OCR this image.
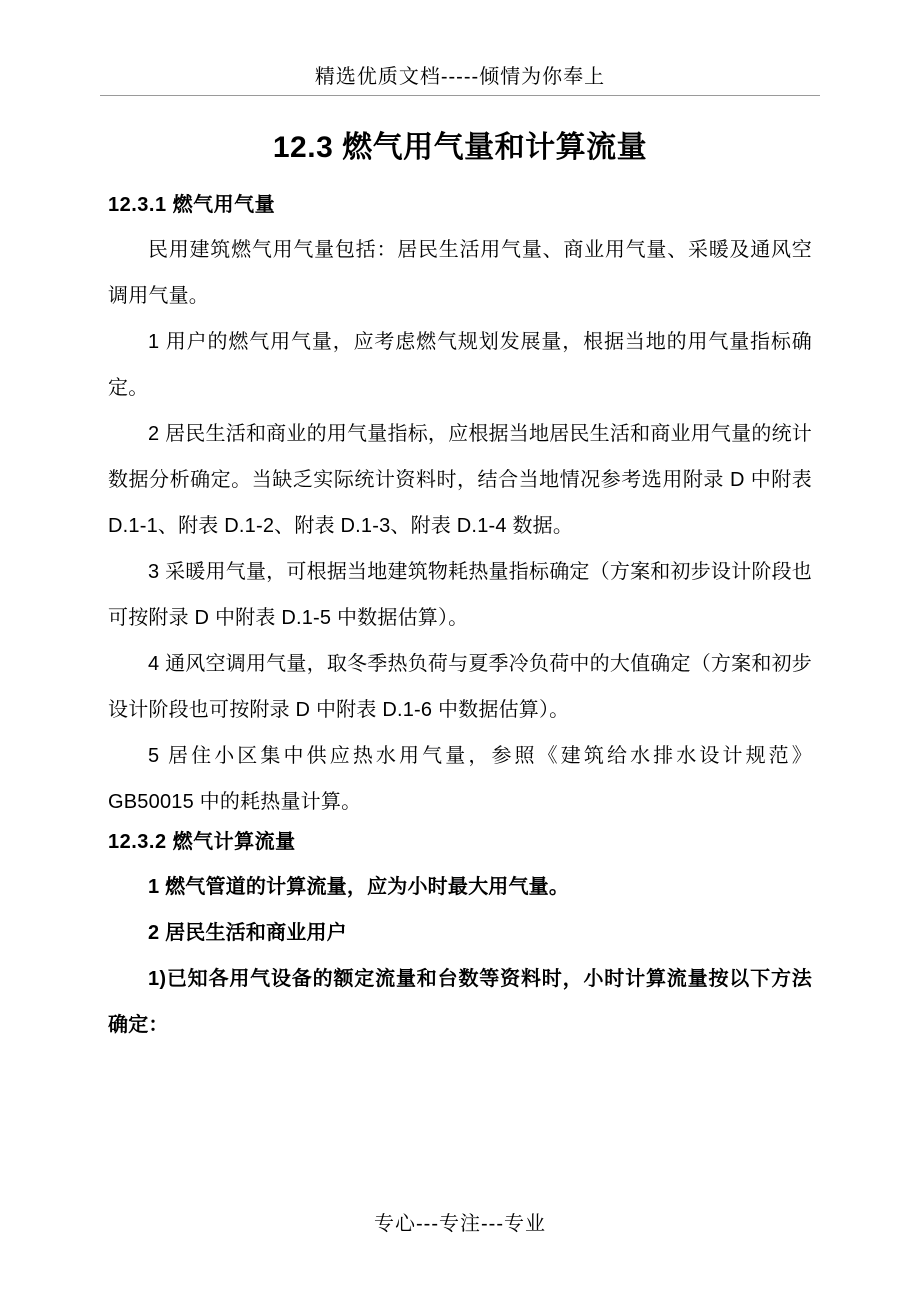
精选优质文档-----倾情为你奉上
12.3 燃气用气量和计算流量
12.3.1 燃气用气量

民用建筑燃气用气量包括：居民生活用气量、商业用气量、采暖及通风空调用气量。

1 用户的燃气用气量，应考虑燃气规划发展量，根据当地的用气量指标确定。

2 居民生活和商业的用气量指标，应根据当地居民生活和商业用气量的统计数据分析确定。当缺乏实际统计资料时，结合当地情况参考选用附录 D 中附表 D.1-1、附表 D.1-2、附表 D.1-3、附表 D.1-4 数据。

3 采暖用气量，可根据当地建筑物耗热量指标确定（方案和初步设计阶段也可按附录 D 中附表 D.1-5 中数据估算）。

4 通风空调用气量，取冬季热负荷与夏季冷负荷中的大值确定（方案和初步设计阶段也可按附录 D 中附表 D.1-6 中数据估算）。

5 居住小区集中供应热水用气量，参照《建筑给水排水设计规范》GB50015 中的耗热量计算。

12.3.2 燃气计算流量

1 燃气管道的计算流量，应为小时最大用气量。

2 居民生活和商业用户

1)已知各用气设备的额定流量和台数等资料时，小时计算流量按以下方法确定：

专心---专注---专业
